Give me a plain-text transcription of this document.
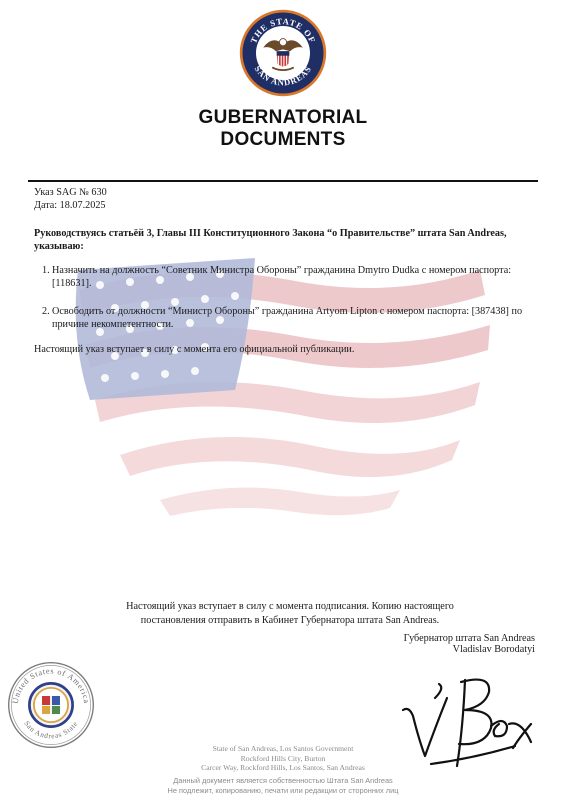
THE STATE OF
SAN ANDREAS
GUBERNATORIAL
DOCUMENTS
Указ SAG № 630
Дата: 18.07.2025
Руководствуясь статьёй 3, Главы III Конституционного Закона “о Правительстве” штата San Andreas, указываю:
1. Назначить на должность “Советник Министра Обороны” гражданина Dmytro Dudka с номером паспорта: [118631].
2. Освободить от должности “Министр Обороны” гражданина Artyom Lipton с номером паспорта: [387438] по причине некомпетентности.
Настоящий указ вступает в силу с момента его официальной публикации.
Настоящий указ вступает в силу с момента подписания. Копию настоящего постановления отправить в Кабинет Губернатора штата San Andreas.
Губернатор штата San Andreas
Vladislav Borodatyi
United States of America
San Andreas State
State of San Andreas, Los Santos Government
Rockford Hills City, Burton
Carcer Way, Rockford Hills, Los Santos, San Andreas
Данный документ является собственностью Штата San Andreas
Не подлежит, копированию, печати или редакции от сторонних лиц
